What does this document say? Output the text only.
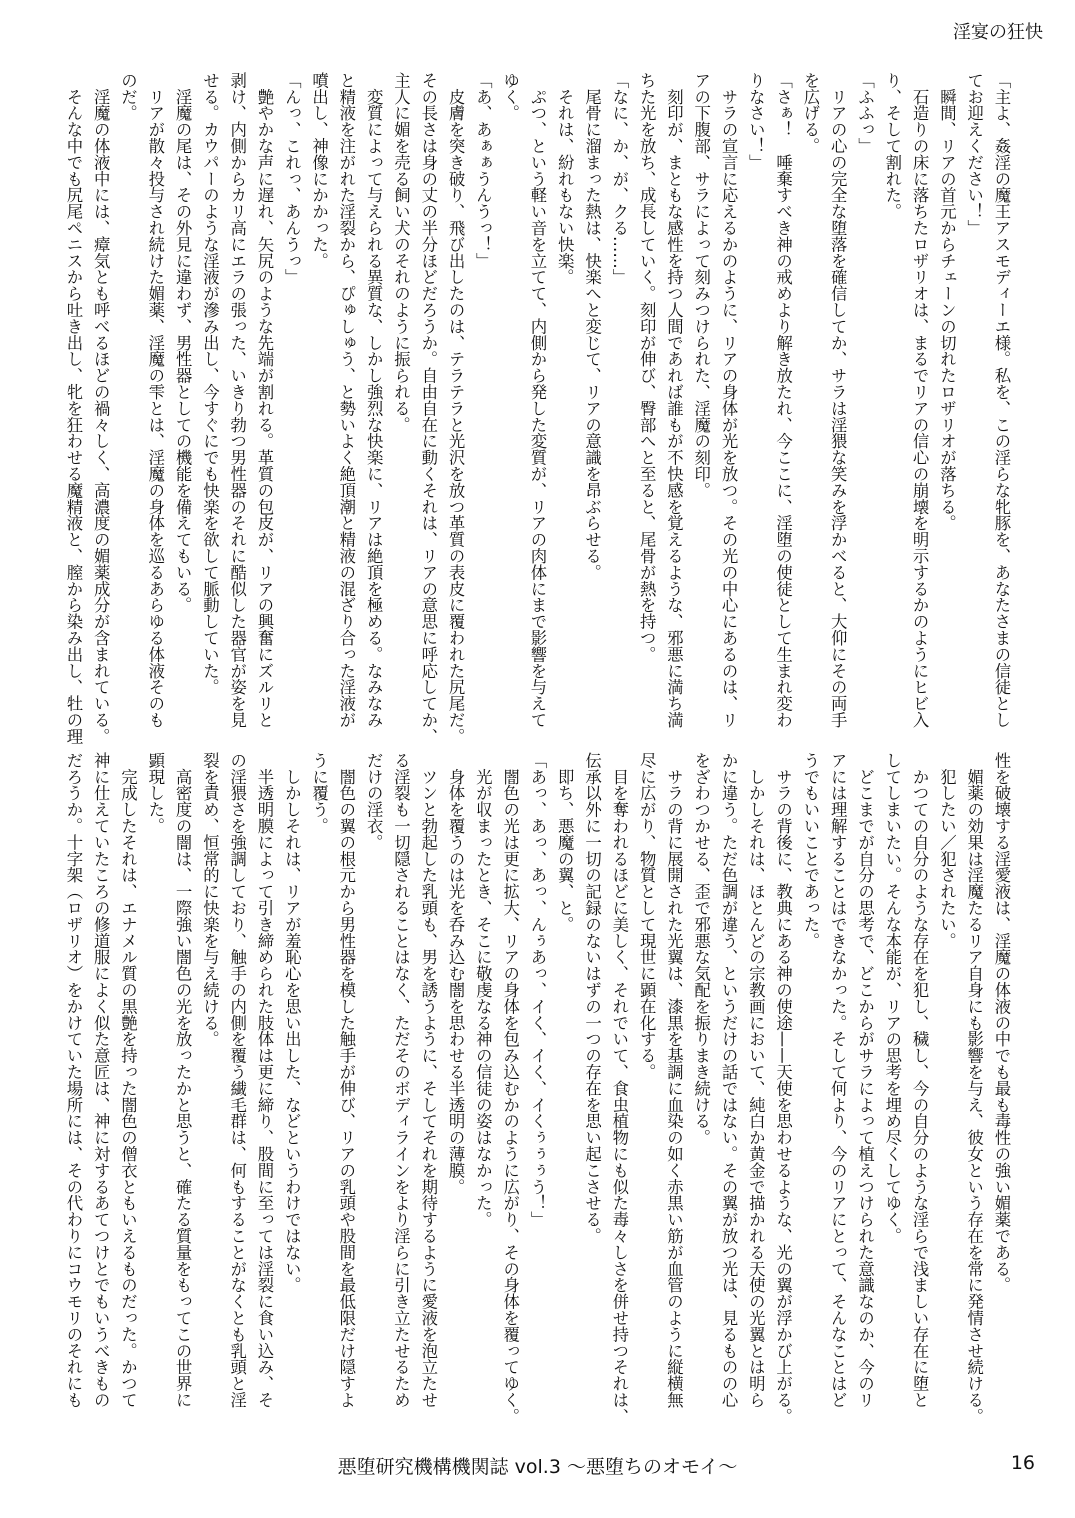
淫宴の狂快
「主よ、姦淫の魔王アスモディーエ様。私を、この淫らな牝豚を、あなたさまの信徒とし
てお迎えください！」
　瞬間、リアの首元からチェーンの切れたロザリオが落ちる。
　石造りの床に落ちたロザリオは、まるでリアの信心の崩壊を明示するかのようにヒビ入
り、そして割れた。
「ふふっ」
　リアの心の完全な堕落を確信してか、サラは淫猥な笑みを浮かべると、大仰にその両手
を広げる。
「さぁ！　唾棄すべき神の戒めより解き放たれ、今ここに、淫堕の使徒として生まれ変わ
りなさい！」
　サラの宣言に応えるかのように、リアの身体が光を放つ。その光の中心にあるのは、リ
アの下腹部、サラによって刻みつけられた、淫魔の刻印。
　刻印が、まともな感性を持つ人間であれば誰もが不快感を覚えるような、邪悪に満ち満
ちた光を放ち、成長していく。刻印が伸び、臀部へと至ると、尾骨が熱を持つ。
「なに、か、が、クる……」
　尾骨に溜まった熱は、快楽へと変じて、リアの意識を昂ぶらせる。
　それは、紛れもない快楽。
　ぷつ、という軽い音を立てて、内側から発した変質が、リアの肉体にまで影響を与えて
ゆく。
「あ、あぁぁうんうっ！」
　皮膚を突き破り、飛び出したのは、テラテラと光沢を放つ革質の表皮に覆われた尻尾だ。
その長さは身の丈の半分ほどだろうか。自由自在に動くそれは、リアの意思に呼応してか、
主人に媚を売る飼い犬のそれのように振られる。
　変質によって与えられる異質な、しかし強烈な快楽に、リアは絶頂を極める。なみなみ
と精液を注がれた淫裂から、ぴゅしゅう、と勢いよく絶頂潮と精液の混ざり合った淫液が
噴出し、神像にかかった。
「んっ、これっ、あんうっ」
　艶やかな声に遅れ、矢尻のような先端が割れる。革質の包皮が、リアの興奮にズルリと
剥け、内側からカリ高にエラの張った、いきり勃つ男性器のそれに酷似した器官が姿を見
せる。カウパーのような淫液が滲み出し、今すぐにでも快楽を欲して脈動していた。
　淫魔の尾は、その外見に違わず、男性器としての機能を備えてもいる。
　リアが散々投与され続けた媚薬、淫魔の雫とは、淫魔の身体を巡るあらゆる体液そのも
のだ。
　淫魔の体液中には、瘴気とも呼べるほどの禍々しく、高濃度の媚薬成分が含まれている。
　そんな中でも尻尾ペニスから吐き出し、牝を狂わせる魔精液と、膣から染み出し、牡の理
性を破壊する淫愛液は、淫魔の体液の中でも最も毒性の強い媚薬である。
　媚薬の効果は淫魔たるリア自身にも影響を与え、彼女という存在を常に発情させ続ける。
　犯したい／犯されたい。
　かつての自分のような存在を犯し、穢し、今の自分のような淫らで浅ましい存在に堕と
してしまいたい。そんな本能が、リアの思考を埋め尽くしてゆく。
　どこまでが自分の思考で、どこからがサラによって植えつけられた意識なのか、今のリ
アには理解することはできなかった。そして何より、今のリアにとって、そんなことはど
うでもいいことであった。
　サラの背後に、教典にある神の使途——天使を思わせるような、光の翼が浮かび上がる。
　しかしそれは、ほとんどの宗教画において、純白か黄金で描かれる天使の光翼とは明ら
かに違う。ただ色調が違う、というだけの話ではない。その翼が放つ光は、見るものの心
をざわつかせる、歪で邪悪な気配を振りまき続ける。
　サラの背に展開された光翼は、漆黒を基調に血染の如く赤黒い筋が血管のように縦横無
尽に広がり、物質として現世に顕在化する。
　目を奪われるほどに美しく、それでいて、食虫植物にも似た毒々しさを併せ持つそれは、
伝承以外に一切の記録のないはずの一つの存在を思い起こさせる。
　即ち、悪魔の翼、と。
「あっ、あっ、あっ、んぅあっ、イく、イく、イくぅぅぅう！」
　闇色の光は更に拡大、リアの身体を包み込むかのように広がり、その身体を覆ってゆく。
　光が収まったとき、そこに敬虔なる神の信徒の姿はなかった。
　身体を覆うのは光を呑み込む闇を思わせる半透明の薄膜。
　ツンと勃起した乳頭も、男を誘うように、そしてそれを期待するように愛液を泡立たせ
る淫裂も一切隠されることはなく、ただそのボディラインをより淫らに引き立たせるため
だけの淫衣。
　闇色の翼の根元から男性器を模した触手が伸び、リアの乳頭や股間を最低限だけ隠すよ
うに覆う。
　しかしそれは、リアが羞恥心を思い出した、などというわけではない。
　半透明膜によって引き締められた肢体は更に締り、股間に至っては淫裂に食い込み、そ
の淫猥さを強調しており、触手の内側を覆う繊毛群は、何もすることがなくとも乳頭と淫
裂を責め、恒常的に快楽を与え続ける。
　高密度の闇は、一際強い闇色の光を放ったかと思うと、確たる質量をもってこの世界に
顕現した。
　完成したそれは、エナメル質の黒艶を持った闇色の僧衣ともいえるものだった。かつて
神に仕えていたころの修道服によく似た意匠は、神に対するあてつけとでもいうべきもの
だろうか。十字架（ロザリオ）をかけていた場所には、その代わりにコウモリのそれにも
悪堕研究機構機関誌 vol.3 〜悪堕ちのオモイ〜	16
